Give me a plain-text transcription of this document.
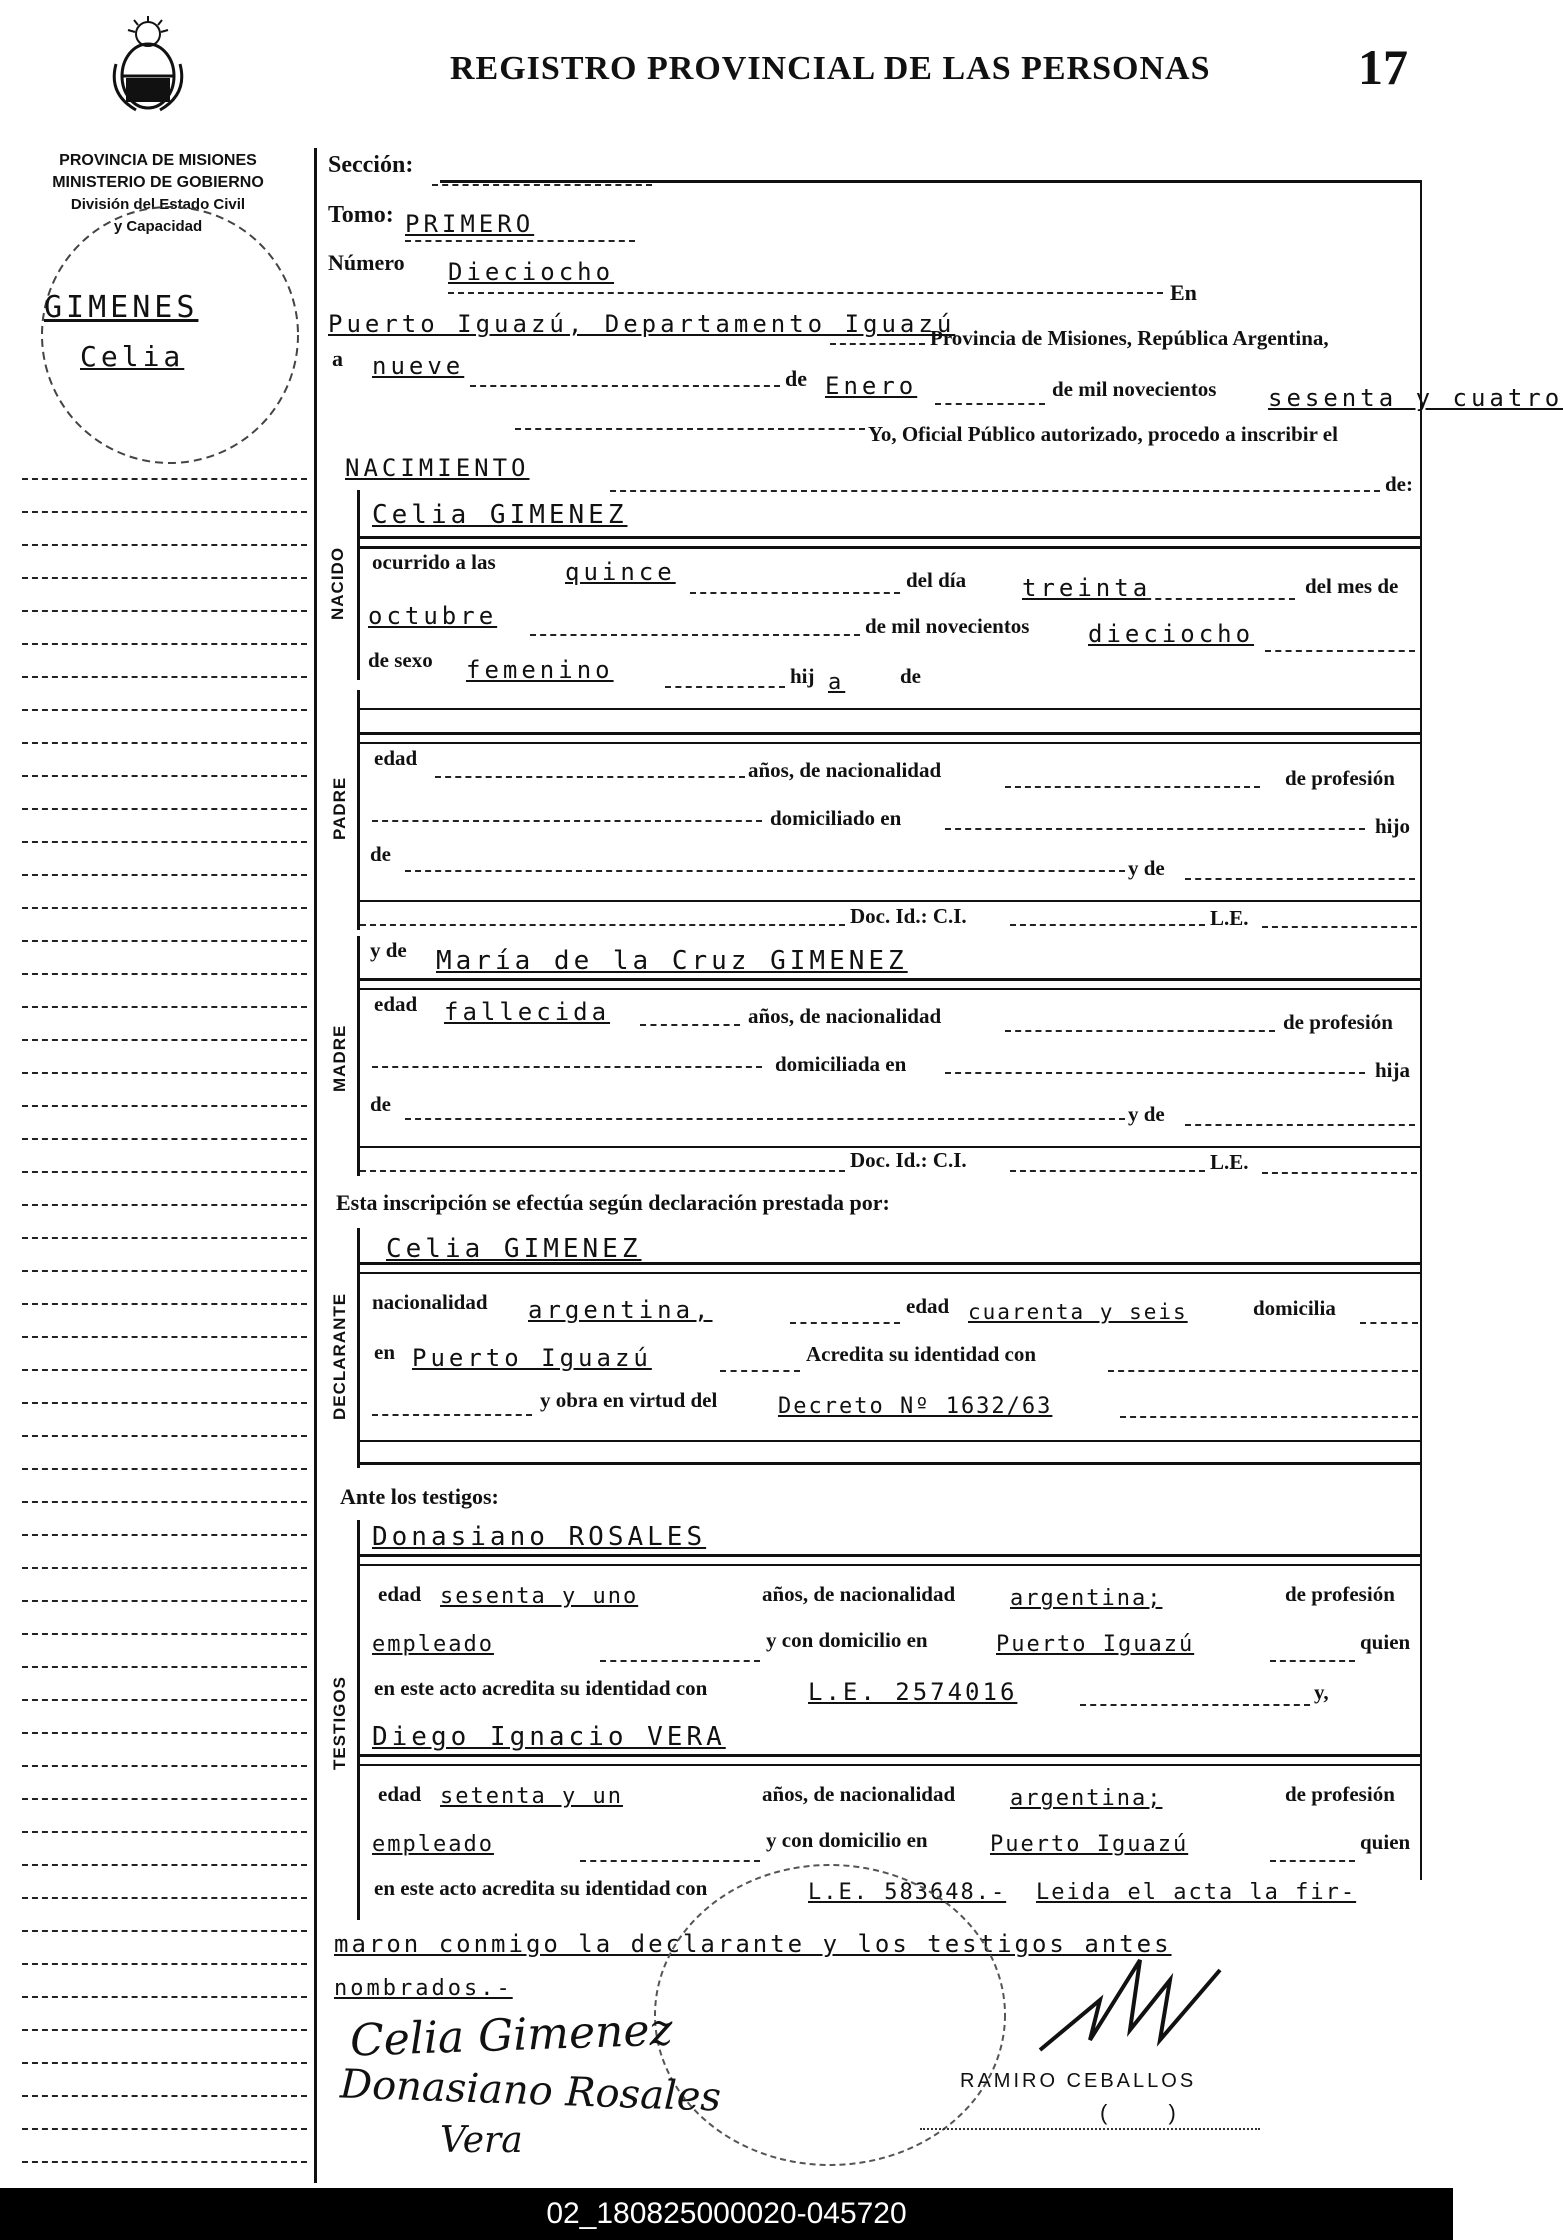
REGISTRO PROVINCIAL DE LAS PERSONAS	17
PROVINCIA DE MISIONES
MINISTERIO DE GOBIERNO
División del Estado Civil
y Capacidad
GIMENES
Celia
Sección:
Tomo: PRIMERO
Número Dieciocho
En
Puerto Iguazú, Departamento Iguazú
Provincia de Misiones, República Argentina,
a nueve	de Enero	de mil novecientos sesenta y cuatro
Yo, Oficial Público autorizado, procedo a inscribir el
NACIMIENTO
de:
NACIDO
Celia GIMENEZ
ocurrido a las	quince	del día treinta	del mes de
octubre	de mil novecientos dieciocho
de sexo femenino	hij a	de
PADRE
edad	años, de nacionalidad	de profesión
domiciliado en	hijo
de
y de
Doc. Id.: C.I.	L.E.
MADRE
y de María de la Cruz GIMENEZ
edad fallecida	años, de nacionalidad	de profesión
domiciliada en	hija
de	y de
Doc. Id.: C.I.	L.E.
Esta inscripción se efectúa según declaración prestada por:
DECLARANTE
Celia GIMENEZ
nacionalidad argentina,	edad cuarenta y seis	domicilia
en Puerto Iguazú	Acredita su identidad con
y obra en virtud del	Decreto Nº 1632/63
Ante los testigos:
TESTIGOS
Donasiano ROSALES
edad sesenta y uno	años, de nacionalidad argentina;	de profesión
empleado	y con domicilio en	Puerto Iguazú	quien
en este acto acredita su identidad con	L.E. 2574016	y,
Diego Ignacio VERA
edad setenta y un	años, de nacionalidad argentina;	de profesión
empleado	y con domicilio en	Puerto Iguazú	quien
en este acto acredita su identidad con	L.E. 583648.- Leida el acta la fir-
maron conmigo la declarante y los testigos antes
nombrados.-
Celia Gimenez
Donasiano Rosales
Vera
RAMIRO CEBALLOS
(          )
02_180825000020-045720
